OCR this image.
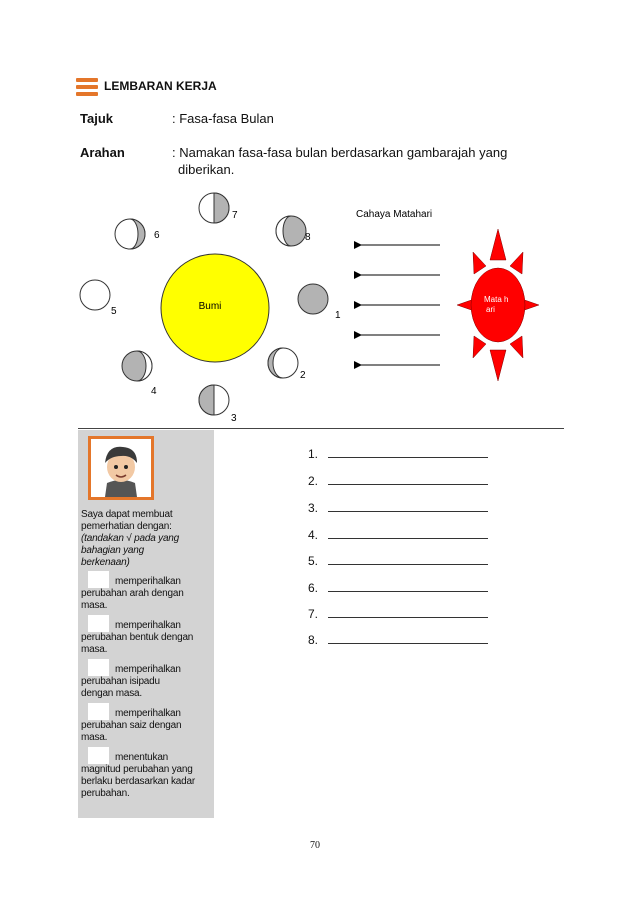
LEMBARAN KERJA
Tajuk	: Fasa-fasa Bulan
Arahan	: Namakan fasa-fasa bulan berdasarkan gambarajah yang
diberikan.
Bumi
1
2
3
4
5
6
7
8
Cahaya Matahari
Mata h
ari
Saya dapat membuat
pemerhatian dengan:
(tandakan √ pada yang
bahagian yang
berkenaan)
memperihalkan
perubahan arah dengan
masa.
memperihalkan
perubahan bentuk dengan
masa.
memperihalkan
perubahan isipadu
dengan masa.
memperihalkan
perubahan saiz dengan
masa.
menentukan
magnitud perubahan yang
berlaku berdasarkan kadar
perubahan.
1.
2.
3.
4.
5.
6.
7.
8.
70
